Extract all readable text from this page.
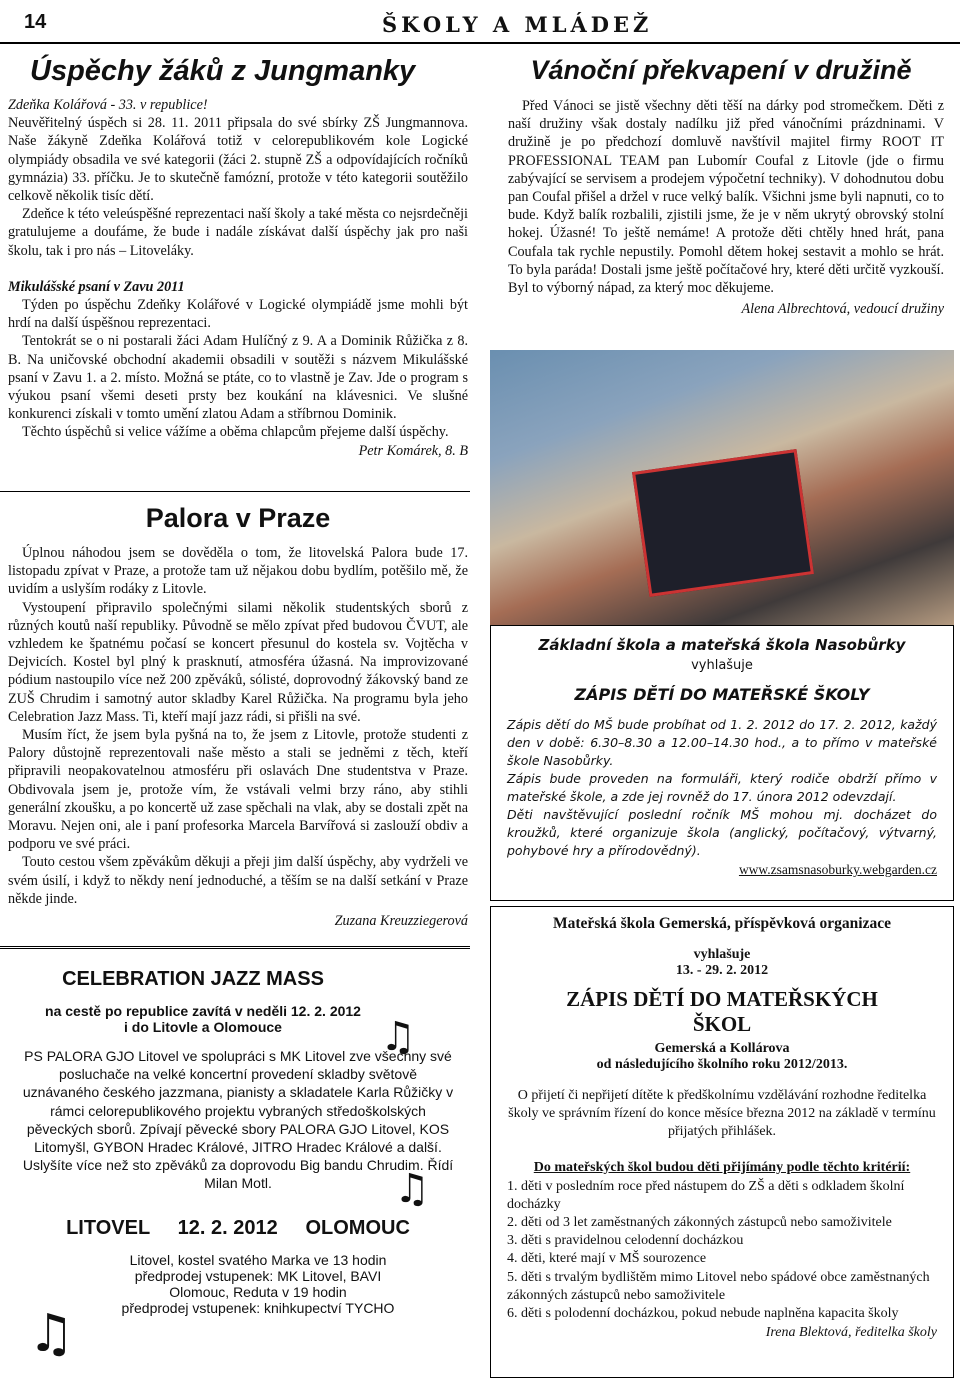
14	ŠKOLY A MLÁDEŽ
Úspěchy žáků z Jungmanky

Zdeňka Kolářová - 33. v republice!

Neuvěřitelný úspěch si 28. 11. 2011 připsala do své sbírky ZŠ Jungmannova. Naše žákyně Zdeňka Kolářová totiž v celorepublikovém kole Logické olympiády obsadila ve své kategorii (žáci 2. stupně ZŠ a odpovídajících ročníků gymnázia) 33. příčku. Je to skutečně famózní, protože v této kategorii soutěžilo celkově několik tisíc dětí.

Zdeňce k této veleúspěšné reprezentaci naší školy a také města co nejsrdečněji gratulujeme a doufáme, že bude i nadále získávat další úspěchy jak pro naši školu, tak i pro nás – Litoveláky.

Mikulášské psaní v Zavu 2011

Týden po úspěchu Zdeňky Kolářové v Logické olympiádě jsme mohli být hrdí na další úspěšnou reprezentaci.

Tentokrát se o ni postarali žáci Adam Hulíčný z 9. A a Dominik Růžička z 8. B. Na uničovské obchodní akademii obsadili v soutěži s názvem Mikulášské psaní v Zavu 1. a 2. místo. Možná se ptáte, co to vlastně je Zav. Jde o program s výukou psaní všemi deseti prsty bez koukání na klávesnici. Ve slušné konkurenci získali v tomto umění zlatou Adam a stříbrnou Dominik.

Těchto úspěchů si velice vážíme a oběma chlapcům přejeme další úspěchy.
Petr Komárek, 8. B

Palora v Praze

Úplnou náhodou jsem se dověděla o tom, že litovelská Palora bude 17. listopadu zpívat v Praze, a protože tam už nějakou dobu bydlím, potěšilo mě, že uvidím a uslyším rodáky z Litovle.

Vystoupení připravilo společnými silami několik studentských sborů z různých koutů naší republiky. Původně se mělo zpívat před budovou ČVUT, ale vzhledem ke špatnému počasí se koncert přesunul do kostela sv. Vojtěcha v Dejvicích. Kostel byl plný k prasknutí, atmosféra úžasná. Na improvizované pódium nastoupilo více než 200 zpěváků, sólisté, doprovodný žákovský band ze ZUŠ Chrudim i samotný autor skladby Karel Růžička. Na programu byla jeho Celebration Jazz Mass. Ti, kteří mají jazz rádi, si přišli na své.

Musím říct, že jsem byla pyšná na to, že jsem z Litovle, protože studenti z Palory důstojně reprezentovali naše město a stali se jedněmi z těch, kteří připravili neopakovatelnou atmosféru při oslavách Dne studentstva v Praze. Obdivovala jsem je, protože vím, že vstávali velmi brzy ráno, aby stihli generální zkoušku, a po koncertě už zase spěchali na vlak, aby se dostali zpět na Moravu. Nejen oni, ale i paní profesorka Marcela Barvířová si zaslouží obdiv a podporu ve své práci.

Touto cestou všem zpěvákům děkuji a přeji jim další úspěchy, aby vydrželi ve svém úsilí, i když to někdy není jednoduché, a těším se na další setkání v Praze někde jinde.

Zuzana Kreuzziegerová

CELEBRATION JAZZ MASS
na cestě po republice zavítá v neděli 12. 2. 2012
i do Litovle a Olomouce	♫
PS PALORA GJO Litovel ve spolupráci s MK Litovel zve všechny své posluchače na velké koncertní provedení skladby světově uznávaného českého jazzmana, pianisty a skladatele Karla Růžičky v rámci celorepublikového projektu vybraných středoškolských pěveckých sborů. Zpívají pěvecké sbory PALORA GJO Litovel, KOS Litomyšl, GYBON Hradec Králové, JITRO Hradec Králové a další. Uslyšíte více než sto zpěváků za doprovodu Big bandu Chrudim. Řídí Milan Motl.	♫
LITOVEL     12. 2. 2012     OLOMOUC
♫
Litovel, kostel svatého Marka ve 13 hodin
předprodej vstupenek: MK Litovel, BAVI
Olomouc, Reduta v 19 hodin
předprodej vstupenek: knihkupectví TYCHO
Vánoční překvapení v družině

Před Vánoci se jistě všechny děti těší na dárky pod stromečkem. Děti z naší družiny však dostaly nadílku již před vánočními prázdninami. V družině je po předchozí domluvě navštívil majitel firmy ROOT IT PROFESSIONAL TEAM pan Lubomír Coufal z Litovle (jde o firmu zabývající se servisem a prodejem výpočetní techniky). V dohodnutou dobu pan Coufal přišel a držel v ruce velký balík. Všichni jsme byli napnuti, co to bude. Když balík rozbalili, zjistili jsme, že je v něm ukrytý obrovský stolní hokej. Úžasné! To ještě nemáme! A protože děti chtěly hned hrát, pana Coufala tak rychle nepustily. Pomohl dětem hokej sestavit a mohlo se hrát. To byla paráda! Dostali jsme ještě počítačové hry, které děti určitě vyzkouší. Byl to výborný nápad, za který moc děkujeme.

Alena Albrechtová, vedoucí družiny

Základní škola a mateřská škola Nasobůrky
vyhlašuje
ZÁPIS DĚTÍ DO MATEŘSKÉ ŠKOLY

Zápis dětí do MŠ bude probíhat od 1. 2. 2012 do 17. 2. 2012, každý den v době: 6.30–8.30 a 12.00–14.30 hod., a to přímo v mateřské škole Nasobůrky.

Zápis bude proveden na formuláři, který rodiče obdrží přímo v mateřské škole, a zde jej rovněž do 17. února 2012 odevzdají.

Děti navštěvující poslední ročník MŠ mohou mj. docházet do kroužků, které organizuje škola (anglický, počítačový, výtvarný, pohybové hry a přírodovědný).

www.zsamsnasoburky.webgarden.cz
Mateřská škola Gemerská, příspěvková organizace
vyhlašuje
13. - 29. 2. 2012
ZÁPIS DĚTÍ DO MATEŘSKÝCH
ŠKOL
Gemerská a Kollárova
od následujícího školního roku 2012/2013.
O přijetí či nepřijetí dítěte k předškolnímu vzdělávání rozhodne ředitelka školy ve správním řízení do konce měsíce března 2012 na základě v termínu přijatých přihlášek.
Do mateřských škol budou děti přijímány podle těchto kritérií:
1. děti v posledním roce před nástupem do ZŠ a děti s odkladem školní docházky
2. děti od 3 let zaměstnaných zákonných zástupců nebo samoživitele
3. děti s pravidelnou celodenní docházkou
4. děti, které mají v MŠ sourozence
5. děti s trvalým bydlištěm mimo Litovel nebo spádové obce zaměstnaných zákonných zástupců nebo samoživitele
6. děti s polodenní docházkou, pokud nebude naplněna kapacita školy
Irena Blektová, ředitelka školy
